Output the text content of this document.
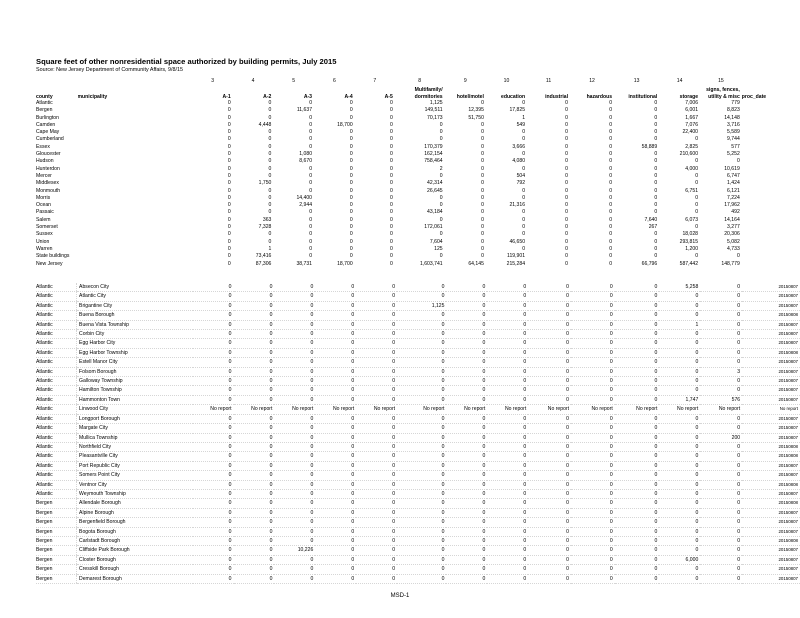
Square feet of other nonresidential space authorized by building permits, July 2015
Source: New Jersey Department of Community Affairs, 9/8/15
		3	4	5	6	7	8	9	10	11	12	13	14	15	
county	municipality	A-1	A-2	A-3	A-4	A-5	Multifamily/ dormitories	hotel/motel	education	industrial	hazardous	institutional	storage	signs, fences, utility & misc	proc_date
Atlantic		0	0	0	0	0	1,125	0	0	0	0	0	7,006	779	
Bergen		0	0	11,637	0	0	149,511	12,395	17,825	0	0	0	6,001	8,823	
Burlington		0	0	0	0	0	70,173	51,750	1	0	0	0	1,667	14,148	
Camden		0	4,448	0	18,700	0	0	0	549	0	0	0	7,076	3,716	
Cape May		0	0	0	0	0	0	0	0	0	0	0	22,400	5,589	
Cumberland		0	0	0	0	0	0	0	0	0	0	0	0	9,744	
Essex		0	0	0	0	0	170,379	0	3,666	0	0	58,889	2,825	577	
Gloucester		0	0	1,080	0	0	162,154	0	0	0	0	0	210,600	5,252	
Hudson		0	0	8,670	0	0	758,464	0	4,080	0	0	0	0	0	
Hunterdon		0	0	0	0	0	2	0	0	0	0	0	4,000	10,619	
Mercer		0	0	0	0	0	0	0	504	0	0	0	0	6,747	
Middlesex		0	1,750	0	0	0	42,314	0	792	0	0	0	0	1,424	
Monmouth		0	0	0	0	0	26,645	0	0	0	0	0	6,751	6,121	
Morris		0	0	14,400	0	0	0	0	0	0	0	0	0	7,224	
Ocean		0	0	2,944	0	0	0	0	21,316	0	0	0	0	17,962	
Passaic		0	0	0	0	0	43,184	0	0	0	0	0	0	492	
Salem		0	363	0	0	0	0	0	0	0	0	7,640	6,073	14,164	
Somerset		0	7,328	0	0	0	172,061	0	0	0	0	267	0	3,277	
Sussex		0	0	0	0	0	0	0	0	0	0	0	18,028	20,306	
Union		0	0	0	0	0	7,604	0	46,650	0	0	0	293,815	5,082	
Warren		0	1	0	0	0	125	0	0	0	0	0	1,200	4,733	
State buildings		0	73,416	0	0	0	0	0	119,901	0	0	0	0	0	
New Jersey		0	87,306	38,731	18,700	0	1,603,741	64,145	215,284	0	0	66,796	587,442	148,779	
Atlantic	Absecon City	0	0	0	0	0	0	0	0	0	0	0	5,258	0	20150807
Atlantic	Atlantic City	0	0	0	0	0	0	0	0	0	0	0	0	0	20150807
Atlantic	Brigantine City	0	0	0	0	0	1,125	0	0	0	0	0	0	0	20150807
Atlantic	Buena Borough	0	0	0	0	0	0	0	0	0	0	0	0	0	20150808
Atlantic	Buena Vista Township	0	0	0	0	0	0	0	0	0	0	0	1	0	20150807
Atlantic	Corbin City	0	0	0	0	0	0	0	0	0	0	0	0	0	20150807
Atlantic	Egg Harbor City	0	0	0	0	0	0	0	0	0	0	0	0	0	20150807
Atlantic	Egg Harbor Township	0	0	0	0	0	0	0	0	0	0	0	0	0	20150808
Atlantic	Estell Manor City	0	0	0	0	0	0	0	0	0	0	0	0	0	20150807
Atlantic	Folsom Borough	0	0	0	0	0	0	0	0	0	0	0	0	3	20150807
Atlantic	Galloway Township	0	0	0	0	0	0	0	0	0	0	0	0	0	20150807
Atlantic	Hamilton Township	0	0	0	0	0	0	0	0	0	0	0	0	0	20150807
Atlantic	Hammonton Town	0	0	0	0	0	0	0	0	0	0	0	1,747	576	20150807
Atlantic	Linwood City	No report	No report	No report	No report	No report	No report	No report	No report	No report	No report	No report	No report	No report	No report
Atlantic	Longport Borough	0	0	0	0	0	0	0	0	0	0	0	0	0	20150807
Atlantic	Margate City	0	0	0	0	0	0	0	0	0	0	0	0	0	20150807
Atlantic	Mullica Township	0	0	0	0	0	0	0	0	0	0	0	0	200	20150807
Atlantic	Northfield City	0	0	0	0	0	0	0	0	0	0	0	0	0	20150808
Atlantic	Pleasantville City	0	0	0	0	0	0	0	0	0	0	0	0	0	20150808
Atlantic	Port Republic City	0	0	0	0	0	0	0	0	0	0	0	0	0	20150807
Atlantic	Somers Point City	0	0	0	0	0	0	0	0	0	0	0	0	0	20150807
Atlantic	Ventnor City	0	0	0	0	0	0	0	0	0	0	0	0	0	20150808
Atlantic	Weymouth Township	0	0	0	0	0	0	0	0	0	0	0	0	0	20150807
Bergen	Allendale Borough	0	0	0	0	0	0	0	0	0	0	0	0	0	20150808
Bergen	Alpine Borough	0	0	0	0	0	0	0	0	0	0	0	0	0	20150807
Bergen	Bergenfield Borough	0	0	0	0	0	0	0	0	0	0	0	0	0	20150807
Bergen	Bogota Borough	0	0	0	0	0	0	0	0	0	0	0	0	0	20150807
Bergen	Carlstadt Borough	0	0	0	0	0	0	0	0	0	0	0	0	0	20150808
Bergen	Cliffside Park Borough	0	0	10,226	0	0	0	0	0	0	0	0	0	0	20150807
Bergen	Closter Borough	0	0	0	0	0	0	0	0	0	0	0	6,000	0	20150807
Bergen	Cresskill Borough	0	0	0	0	0	0	0	0	0	0	0	0	0	20150807
Bergen	Demarest Borough	0	0	0	0	0	0	0	0	0	0	0	0	0	20150807
MSD-1
